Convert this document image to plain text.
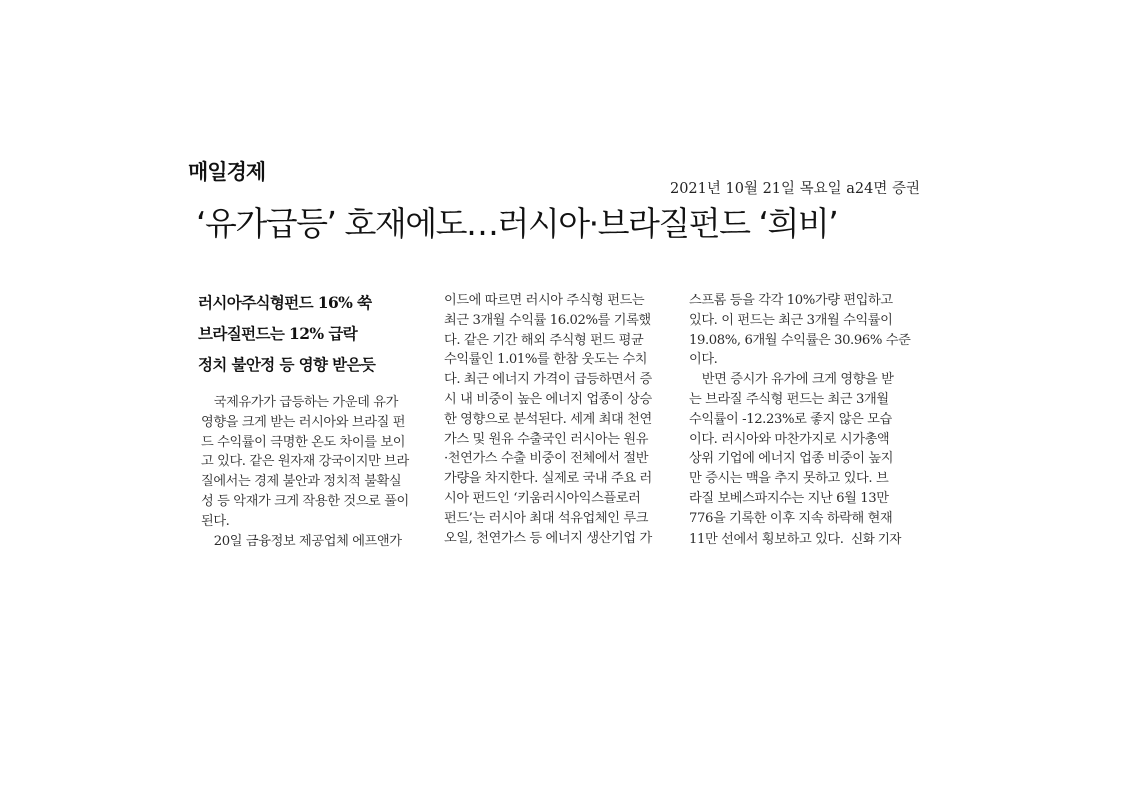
매일경제
2021년 10월 21일 목요일 a24면 증권
‘유가급등’ 호재에도…러시아·브라질펀드 ‘희비’
러시아주식형펀드 16% 쑥
브라질펀드는 12% 급락
정치 불안정 등 영향 받은듯
　국제유가가 급등하는 가운데 유가
영향을 크게 받는 러시아와 브라질 펀
드 수익률이 극명한 온도 차이를 보이
고 있다. 같은 원자재 강국이지만 브라
질에서는 경제 불안과 정치적 불확실
성 등 악재가 크게 작용한 것으로 풀이
된다.
　20일 금융정보 제공업체 에프앤가
이드에 따르면 러시아 주식형 펀드는
최근 3개월 수익률 16.02%를 기록했
다. 같은 기간 해외 주식형 펀드 평균
수익률인 1.01%를 한참 웃도는 수치
다. 최근 에너지 가격이 급등하면서 증
시 내 비중이 높은 에너지 업종이 상승
한 영향으로 분석된다. 세계 최대 천연
가스 및 원유 수출국인 러시아는 원유
·천연가스 수출 비중이 전체에서 절반
가량을 차지한다. 실제로 국내 주요 러
시아 펀드인 ‘키움러시아익스플로러
펀드’는 러시아 최대 석유업체인 루크
오일, 천연가스 등 에너지 생산기업 가
스프롬 등을 각각 10%가량 편입하고
있다. 이 펀드는 최근 3개월 수익률이
19.08%, 6개월 수익률은 30.96% 수준
이다.
　반면 증시가 유가에 크게 영향을 받
는 브라질 주식형 펀드는 최근 3개월
수익률이 -12.23%로 좋지 않은 모습
이다. 러시아와 마찬가지로 시가총액
상위 기업에 에너지 업종 비중이 높지
만 증시는 맥을 추지 못하고 있다. 브
라질 보베스파지수는 지난 6월 13만
776을 기록한 이후 지속 하락해 현재
11만 선에서 횡보하고 있다. 신화 기자
